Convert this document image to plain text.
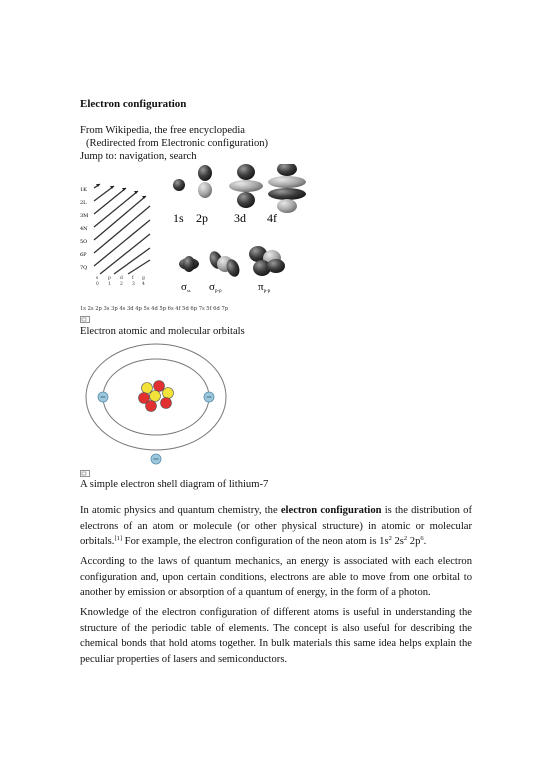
Electron configuration
From Wikipedia, the free encyclopedia
(Redirected from Electronic configuration)
Jump to: navigation, search
1K
2L
3M
4N
5O
6P
7Q
s p d f g
0 1 2 3 4
1s 2p 3d 4f
σss σp-p	πp-p
1s 2s 2p 3s 3p 4s 3d 4p 5s 4d 5p 6s 4f 5d 6p 7s 5f 6d 7p
Electron atomic and molecular orbitals
A simple electron shell diagram of lithium-7
In atomic physics and quantum chemistry, the electron configuration is the distribution of electrons of an atom or molecule (or other physical structure) in atomic or molecular orbitals.[1] For example, the electron configuration of the neon atom is $1s^2$ $2s^2$ $2p^6$.
According to the laws of quantum mechanics, an energy is associated with each electron configuration and, upon certain conditions, electrons are able to move from one orbital to another by emission or absorption of a quantum of energy, in the form of a photon.
Knowledge of the electron configuration of different atoms is useful in understanding the structure of the periodic table of elements. The concept is also useful for describing the chemical bonds that hold atoms together. In bulk materials this same idea helps explain the peculiar properties of lasers and semiconductors.
